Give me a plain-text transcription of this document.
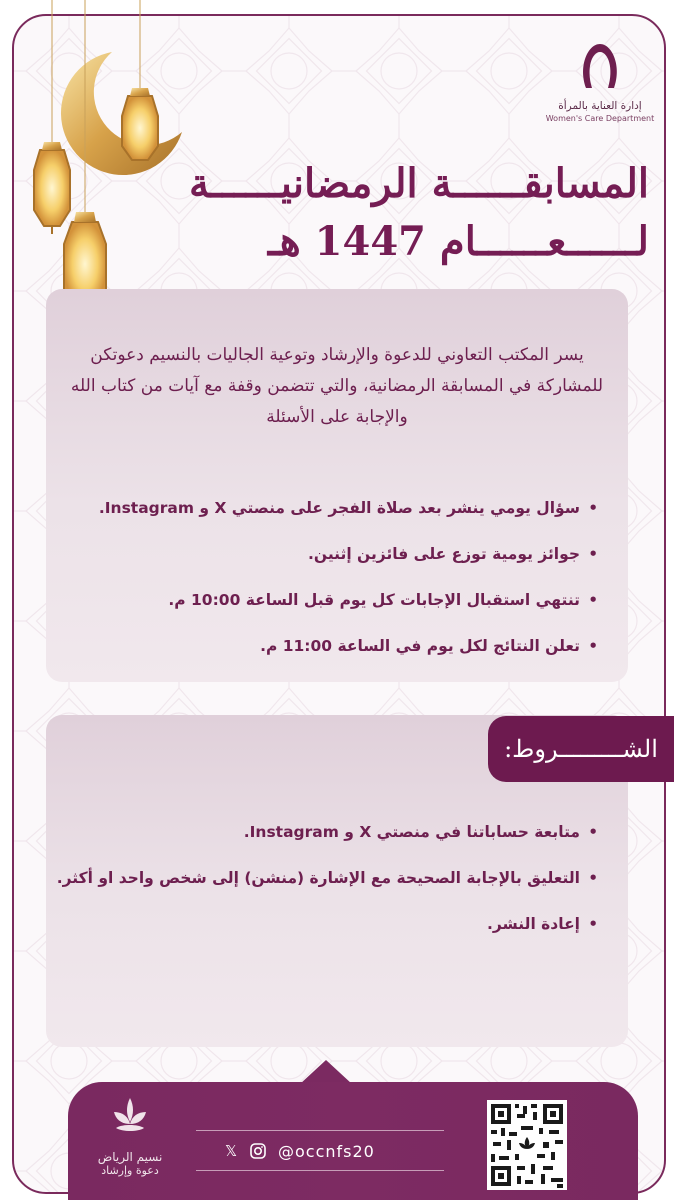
إدارة العناية بالمرأة
Women's Care Department
المسابقــــــة الرمضانيــــــة
لــــــعــــــام 1447 هـ

يسر المكتب التعاوني للدعوة والإرشاد وتوعية الجاليات بالنسيم دعوتكن للمشاركة في المسابقة الرمضانية، والتي تتضمن وقفة مع آيات من كتاب الله والإجابة على الأسئلة

• سؤال يومي ينشر بعد صلاة الفجر على منصتي X و Instagram.
• جوائز يومية توزع على فائزين إثنين.
• تنتهي استقبال الإجابات كل يوم قبل الساعة 10:00 م.
• تعلن النتائج لكل يوم في الساعة 11:00 م.
الشـــــــــروط:
• متابعة حساباتنا في منصتي X و Instagram.
• التعليق بالإجابة الصحيحة مع الإشارة (منشن) إلى شخص واحد او أكثر.
• إعادة النشر.
نسيم الرياض
دعوة وإرشاد
𝕏	@occnfs20
